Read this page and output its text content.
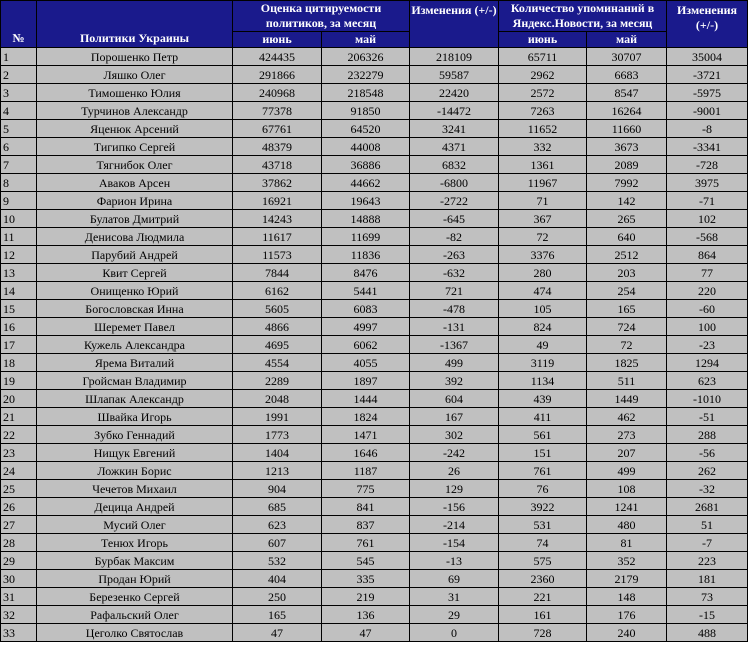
№	Политики Украины	Оценка цитируемости политиков, за месяц		Изменения (+/-)	Количество упоминаний в Яндекс.Новости, за месяц		Изменения (+/-)
		июнь	май		июнь	май	
1	Порошенко Петр	424435	206326	218109	65711	30707	35004
2	Ляшко Олег	291866	232279	59587	2962	6683	-3721
3	Тимошенко Юлия	240968	218548	22420	2572	8547	-5975
4	Турчинов Александр	77378	91850	-14472	7263	16264	-9001
5	Яценюк Арсений	67761	64520	3241	11652	11660	-8
6	Тигипко Сергей	48379	44008	4371	332	3673	-3341
7	Тягнибок Олег	43718	36886	6832	1361	2089	-728
8	Аваков Арсен	37862	44662	-6800	11967	7992	3975
9	Фарион Ирина	16921	19643	-2722	71	142	-71
10	Булатов Дмитрий	14243	14888	-645	367	265	102
11	Денисова Людмила	11617	11699	-82	72	640	-568
12	Парубий Андрей	11573	11836	-263	3376	2512	864
13	Квит Сергей	7844	8476	-632	280	203	77
14	Онищенко Юрий	6162	5441	721	474	254	220
15	Богословская Инна	5605	6083	-478	105	165	-60
16	Шеремет Павел	4866	4997	-131	824	724	100
17	Кужель Александра	4695	6062	-1367	49	72	-23
18	Ярема Виталий	4554	4055	499	3119	1825	1294
19	Гройсман Владимир	2289	1897	392	1134	511	623
20	Шлапак Александр	2048	1444	604	439	1449	-1010
21	Швайка Игорь	1991	1824	167	411	462	-51
22	Зубко Геннадий	1773	1471	302	561	273	288
23	Нищук Евгений	1404	1646	-242	151	207	-56
24	Ложкин Борис	1213	1187	26	761	499	262
25	Чечетов Михаил	904	775	129	76	108	-32
26	Децица Андрей	685	841	-156	3922	1241	2681
27	Мусий Олег	623	837	-214	531	480	51
28	Тенюх Игорь	607	761	-154	74	81	-7
29	Бурбак Максим	532	545	-13	575	352	223
30	Продан Юрий	404	335	69	2360	2179	181
31	Березенко Сергей	250	219	31	221	148	73
32	Рафальский Олег	165	136	29	161	176	-15
33	Цеголко Святослав	47	47	0	728	240	488
